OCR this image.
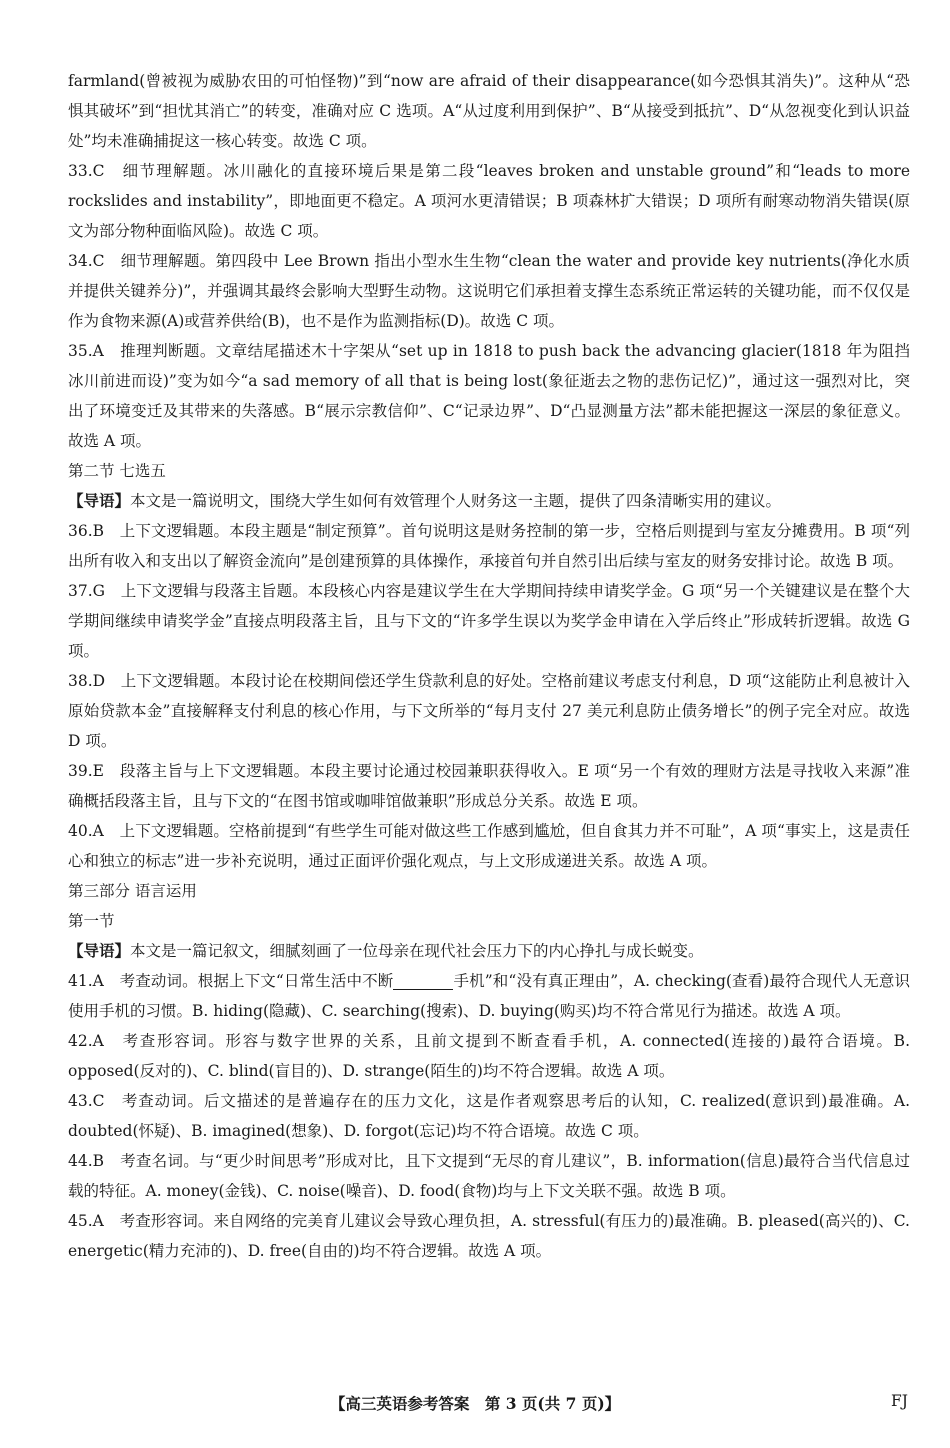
farmland(曾被视为威胁农田的可怕怪物)”到“now are afraid of their disappearance(如今恐惧其消失)”。这种从“恐惧其破坏”到“担忧其消亡”的转变，准确对应 C 选项。A“从过度利用到保护”、B“从接受到抵抗”、D“从忽视变化到认识益处”均未准确捕捉这一核心转变。故选 C 项。

33.C　细节理解题。冰川融化的直接环境后果是第二段“leaves broken and unstable ground”和“leads to more rockslides and instability”，即地面更不稳定。A 项河水更清错误；B 项森林扩大错误；D 项所有耐寒动物消失错误(原文为部分物种面临风险)。故选 C 项。

34.C　细节理解题。第四段中 Lee Brown 指出小型水生生物“clean the water and provide key nutrients(净化水质并提供关键养分)”，并强调其最终会影响大型野生动物。这说明它们承担着支撑生态系统正常运转的关键功能，而不仅仅是作为食物来源(A)或营养供给(B)，也不是作为监测指标(D)。故选 C 项。

35.A　推理判断题。文章结尾描述木十字架从“set up in 1818 to push back the advancing glacier(1818 年为阻挡冰川前进而设)”变为如今“a sad memory of all that is being lost(象征逝去之物的悲伤记忆)”，通过这一强烈对比，突出了环境变迁及其带来的失落感。B“展示宗教信仰”、C“记录边界”、D“凸显测量方法”都未能把握这一深层的象征意义。故选 A 项。

第二节 七选五

【导语】本文是一篇说明文，围绕大学生如何有效管理个人财务这一主题，提供了四条清晰实用的建议。

36.B　上下文逻辑题。本段主题是“制定预算”。首句说明这是财务控制的第一步，空格后则提到与室友分摊费用。B 项“列出所有收入和支出以了解资金流向”是创建预算的具体操作，承接首句并自然引出后续与室友的财务安排讨论。故选 B 项。

37.G　上下文逻辑与段落主旨题。本段核心内容是建议学生在大学期间持续申请奖学金。G 项“另一个关键建议是在整个大学期间继续申请奖学金”直接点明段落主旨，且与下文的“许多学生误以为奖学金申请在入学后终止”形成转折逻辑。故选 G 项。

38.D　上下文逻辑题。本段讨论在校期间偿还学生贷款利息的好处。空格前建议考虑支付利息，D 项“这能防止利息被计入原始贷款本金”直接解释支付利息的核心作用，与下文所举的“每月支付 27 美元利息防止债务增长”的例子完全对应。故选 D 项。

39.E　段落主旨与上下文逻辑题。本段主要讨论通过校园兼职获得收入。E 项“另一个有效的理财方法是寻找收入来源”准确概括段落主旨，且与下文的“在图书馆或咖啡馆做兼职”形成总分关系。故选 E 项。

40.A　上下文逻辑题。空格前提到“有些学生可能对做这些工作感到尴尬，但自食其力并不可耻”，A 项“事实上，这是责任心和独立的标志”进一步补充说明，通过正面评价强化观点，与上文形成递进关系。故选 A 项。

第三部分 语言运用

第一节

【导语】本文是一篇记叙文，细腻刻画了一位母亲在现代社会压力下的内心挣扎与成长蜕变。

41.A　考查动词。根据上下文“日常生活中不断	手机”和“没有真正理由”，A. checking(查看)最符合现代人无意识使用手机的习惯。B. hiding(隐藏)、C. searching(搜索)、D. buying(购买)均不符合常见行为描述。故选 A 项。

42.A　考查形容词。形容与数字世界的关系，且前文提到不断查看手机，A. connected(连接的)最符合语境。B. opposed(反对的)、C. blind(盲目的)、D. strange(陌生的)均不符合逻辑。故选 A 项。

43.C　考查动词。后文描述的是普遍存在的压力文化，这是作者观察思考后的认知，C. realized(意识到)最准确。A. doubted(怀疑)、B. imagined(想象)、D. forgot(忘记)均不符合语境。故选 C 项。

44.B　考查名词。与“更少时间思考”形成对比，且下文提到“无尽的育儿建议”，B. information(信息)最符合当代信息过载的特征。A. money(金钱)、C. noise(噪音)、D. food(食物)均与上下文关联不强。故选 B 项。

45.A　考查形容词。来自网络的完美育儿建议会导致心理负担，A. stressful(有压力的)最准确。B. pleased(高兴的)、C. energetic(精力充沛的)、D. free(自由的)均不符合逻辑。故选 A 项。

【高三英语参考答案　第 3 页(共 7 页)】	FJ
